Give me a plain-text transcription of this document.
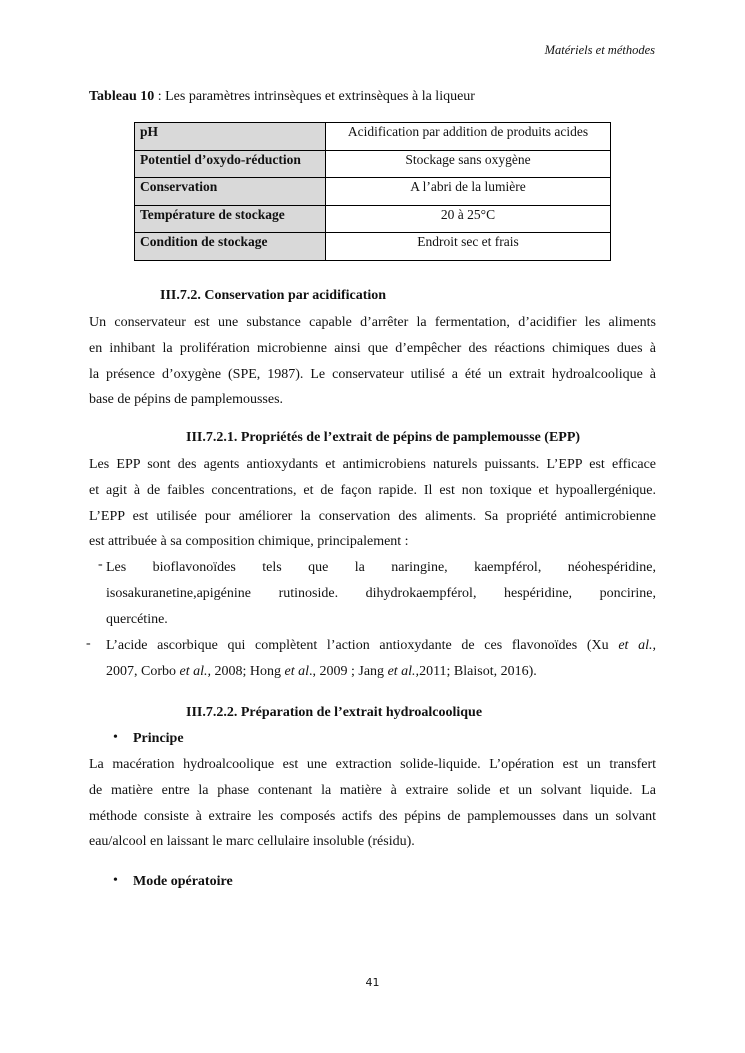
Matériels et méthodes
Tableau 10 : Les paramètres intrinsèques et extrinsèques à la liqueur
pH	Acidification par addition de produits acides
Potentiel d’oxydo-réduction	Stockage sans oxygène
Conservation	A l’abri de la lumière
Température de stockage	20 à 25°C
Condition de stockage	Endroit sec et frais
III.7.2. Conservation par acidification
Un conservateur est une substance capable d’arrêter la fermentation, d’acidifier les aliments
en inhibant la prolifération microbienne ainsi que d’empêcher des réactions chimiques dues à
la présence d’oxygène (SPE, 1987). Le conservateur utilisé a été un extrait hydroalcoolique à
base de pépins de pamplemousses.
III.7.2.1. Propriétés de l’extrait de pépins de pamplemousse (EPP)
Les EPP sont des agents antioxydants et antimicrobiens naturels puissants. L’EPP est efficace
et agit à de faibles concentrations, et de façon rapide. Il est non toxique et hypoallergénique.
L’EPP est utilisée pour améliorer la conservation des aliments. Sa propriété antimicrobienne
est attribuée à sa composition chimique, principalement :
- Les bioflavonoïdes tels que la naringine, kaempférol, néohespéridine,
isosakuranetine,apigénine rutinoside. dihydrokaempférol, hespéridine, poncirine,
quercétine.
- L’acide ascorbique qui complètent l’action antioxydante de ces flavonoïdes (Xu et al.,
2007, Corbo et al., 2008; Hong et al., 2009 ; Jang et al.,2011; Blaisot, 2016).
III.7.2.2. Préparation de l’extrait hydroalcoolique
• Principe
La macération hydroalcoolique est une extraction solide-liquide. L’opération est un transfert
de matière entre la phase contenant la matière à extraire solide et un solvant liquide. La
méthode consiste à extraire les composés actifs des pépins de pamplemousses dans un solvant
eau/alcool en laissant le marc cellulaire insoluble (résidu).
• Mode opératoire
41
